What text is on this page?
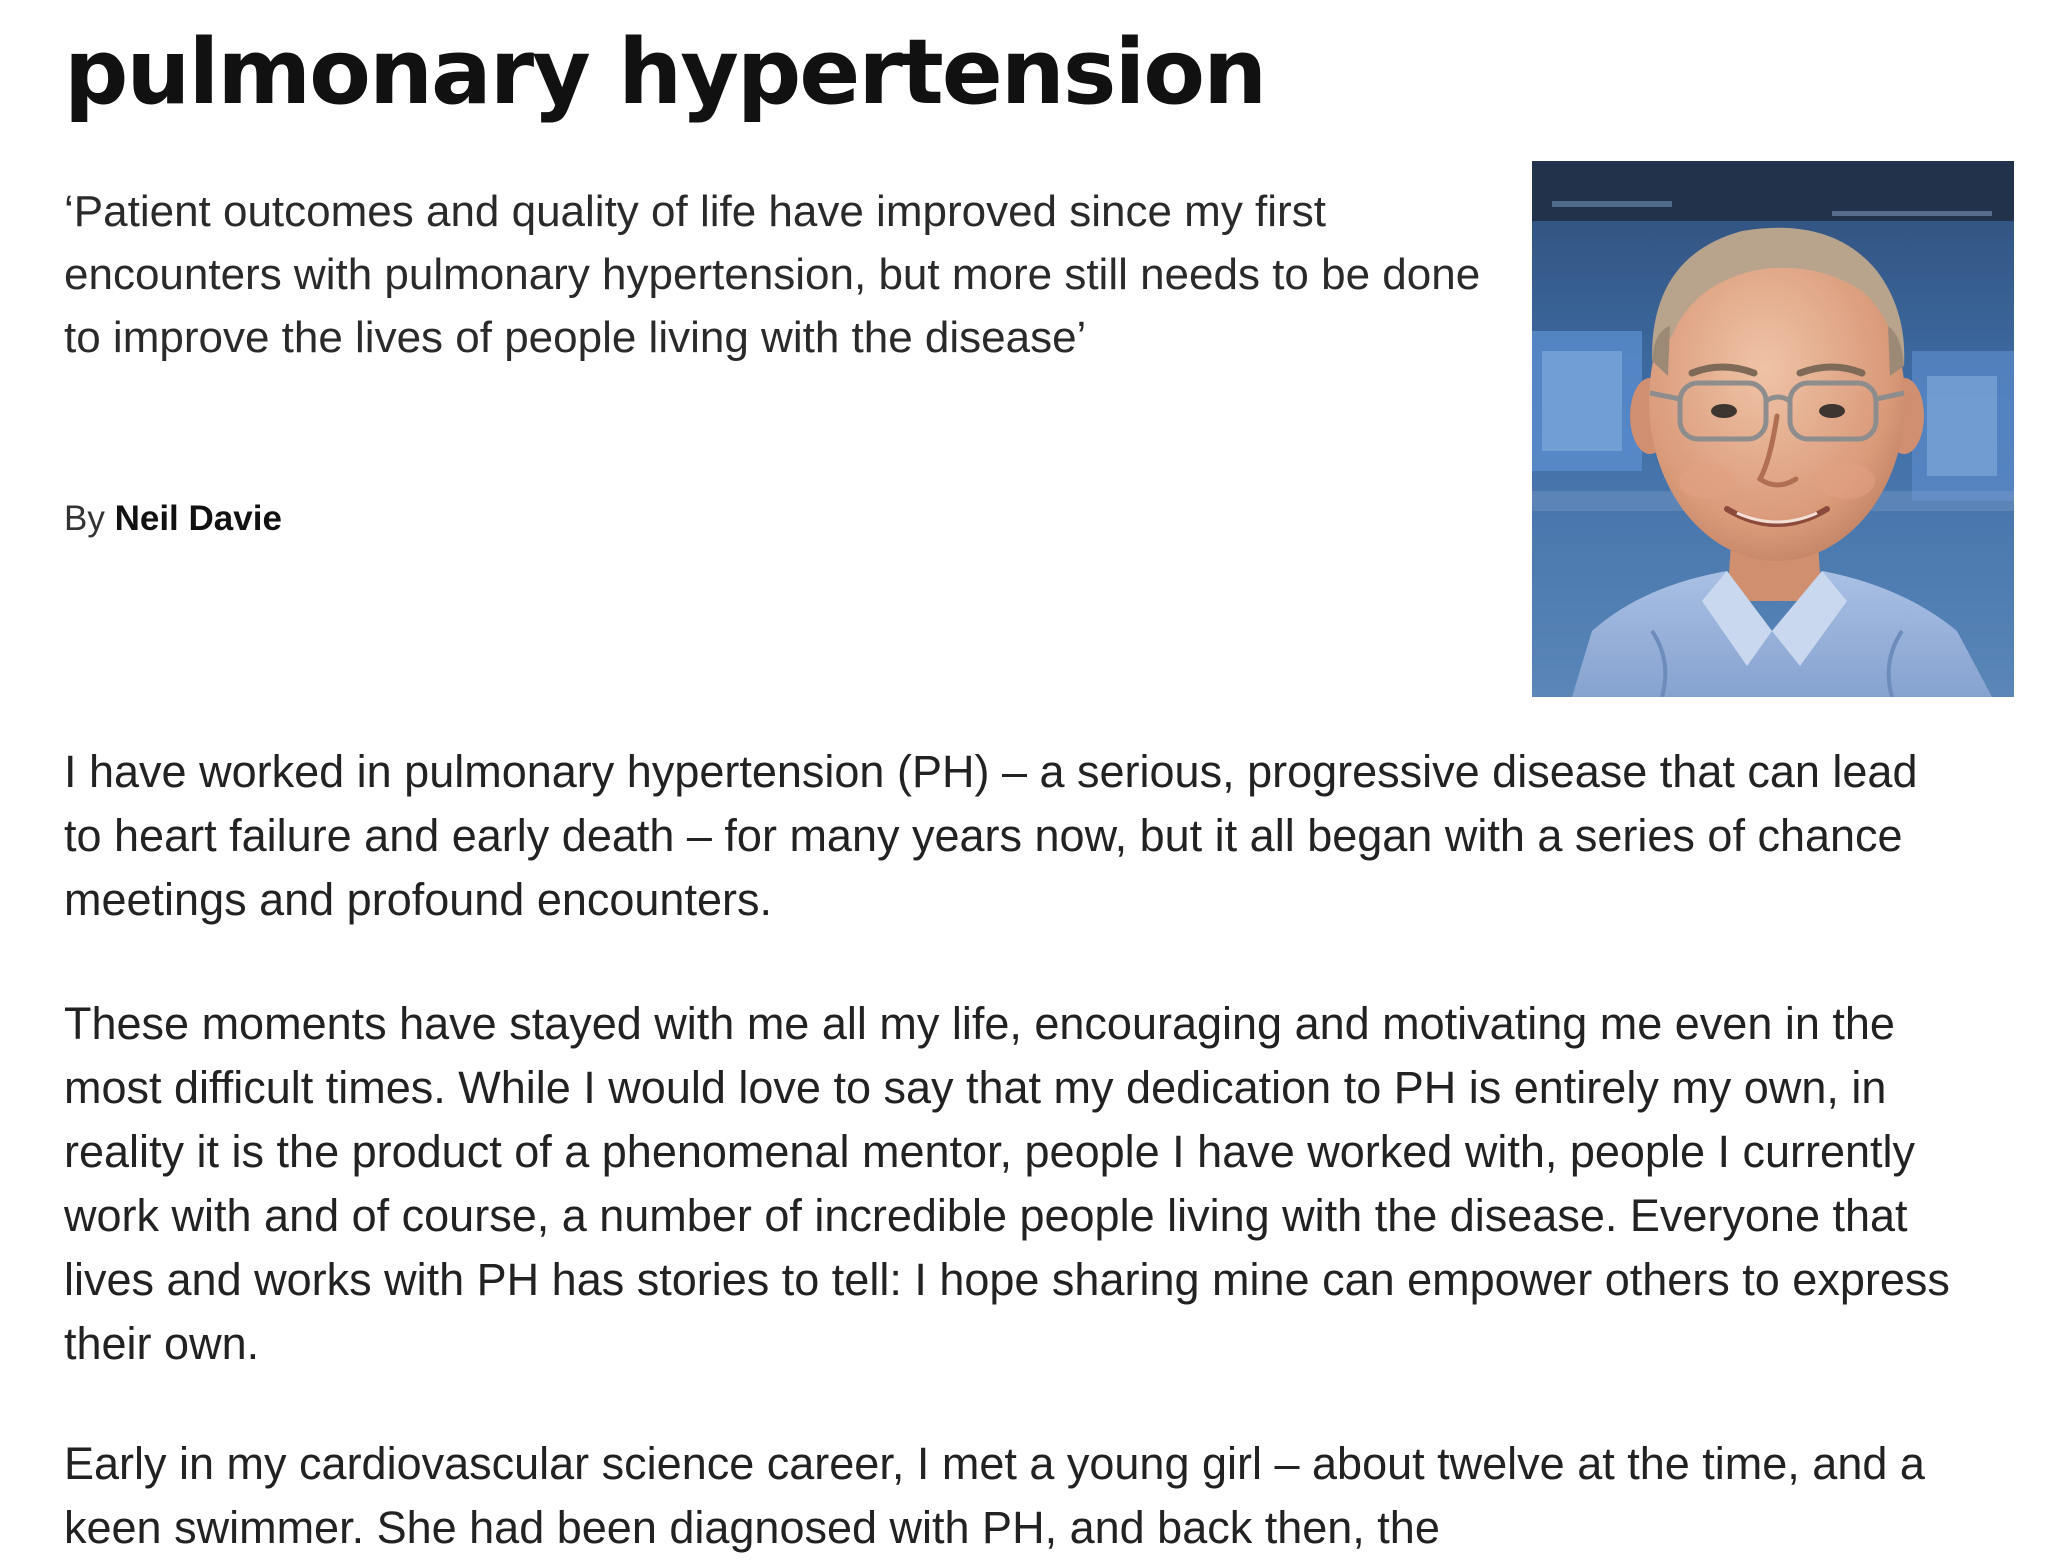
pulmonary hypertension

‘Patient outcomes and quality of life have improved since my first encounters with pulmonary hypertension, but more still needs to be done to improve the lives of people living with the disease’

By Neil Davie

I have worked in pulmonary hypertension (PH) – a serious, progressive disease that can lead to heart failure and early death – for many years now, but it all began with a series of chance meetings and profound encounters.

These moments have stayed with me all my life, encouraging and motivating me even in the most difficult times. While I would love to say that my dedication to PH is entirely my own, in reality it is the product of a phenomenal mentor, people I have worked with, people I currently work with and of course, a number of incredible people living with the disease. Everyone that lives and works with PH has stories to tell: I hope sharing mine can empower others to express their own.

Early in my cardiovascular science career, I met a young girl – about twelve at the time, and a keen swimmer. She had been diagnosed with PH, and back then, the
